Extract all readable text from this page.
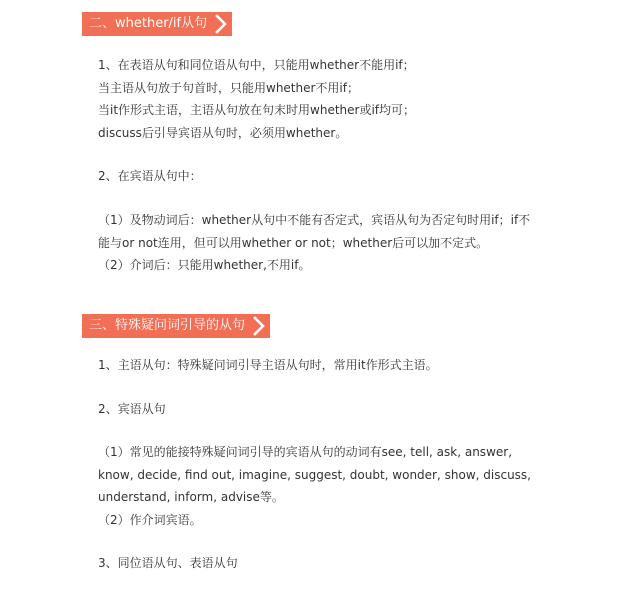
二、whether/if从句
1、在表语从句和同位语从句中，只能用whether不能用if；
当主语从句放于句首时，只能用whether不用if；
当it作形式主语，主语从句放在句末时用whether或if均可；
discuss后引导宾语从句时，必须用whether。
2、在宾语从句中：
（1）及物动词后：whether从句中不能有否定式，宾语从句为否定句时用if；if不
能与or not连用，但可以用whether or not；whether后可以加不定式。
（2）介词后：只能用whether,不用if。
三、特殊疑问词引导的从句
1、主语从句：特殊疑问词引导主语从句时，常用it作形式主语。
2、宾语从句
（1）常见的能接特殊疑问词引导的宾语从句的动词有see, tell, ask, answer,
know, decide, find out, imagine, suggest, doubt, wonder, show, discuss,
understand, inform, advise等。
（2）作介词宾语。
3、同位语从句、表语从句
